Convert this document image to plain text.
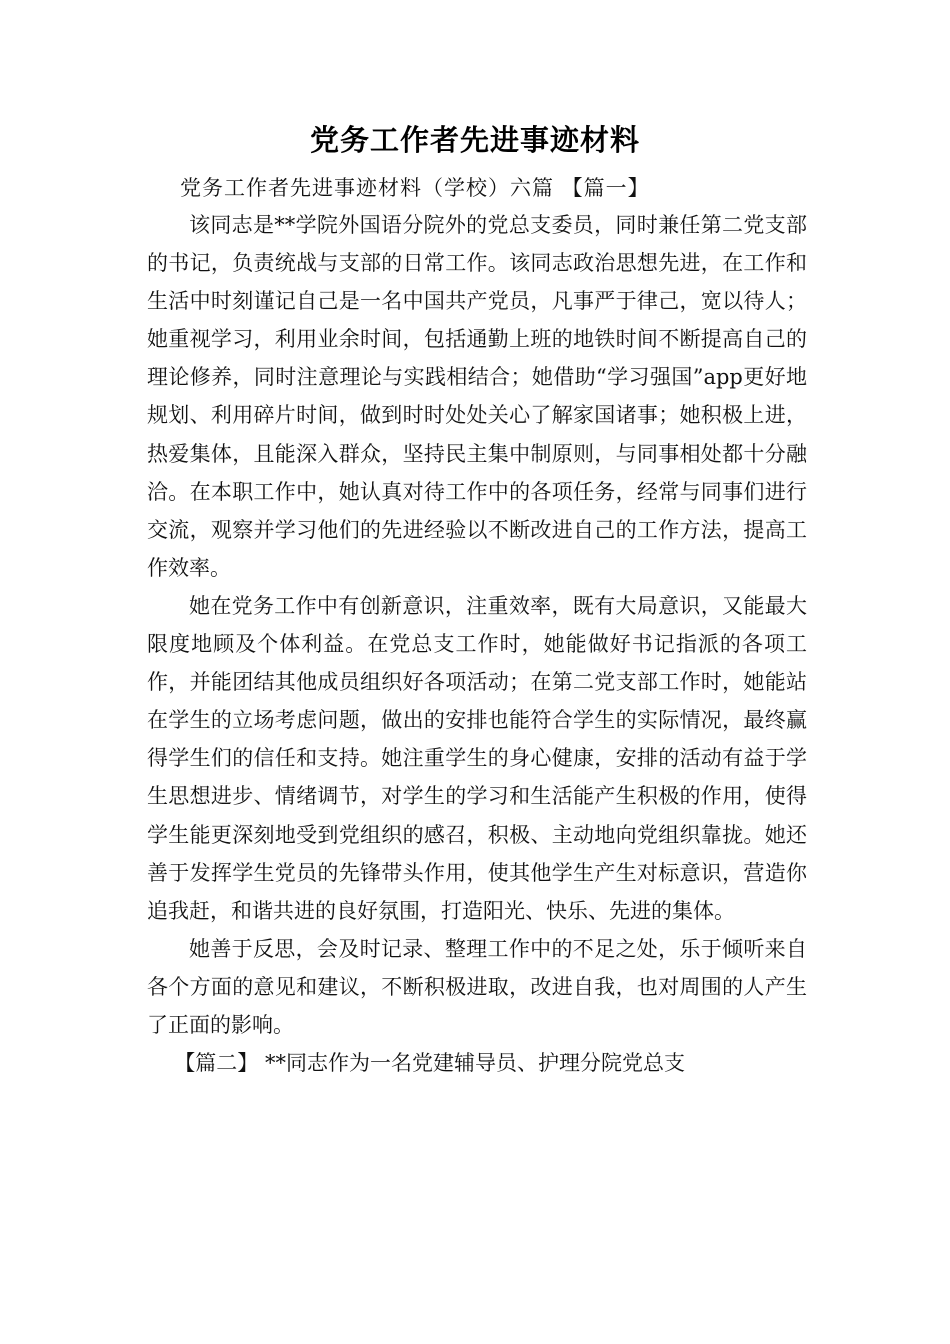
党务工作者先进事迹材料
党务工作者先进事迹材料（学校）六篇 【篇一】

该同志是**学院外国语分院外的党总支委员，同时兼任第二党支部的书记，负责统战与支部的日常工作。该同志政治思想先进，在工作和生活中时刻谨记自己是一名中国共产党员，凡事严于律己，宽以待人；她重视学习，利用业余时间，包括通勤上班的地铁时间不断提高自己的理论修养，同时注意理论与实践相结合；她借助“学习强国”app更好地规划、利用碎片时间，做到时时处处关心了解家国诸事；她积极上进，热爱集体，且能深入群众，坚持民主集中制原则，与同事相处都十分融洽。在本职工作中，她认真对待工作中的各项任务，经常与同事们进行交流，观察并学习他们的先进经验以不断改进自己的工作方法，提高工作效率。

她在党务工作中有创新意识，注重效率，既有大局意识，又能最大限度地顾及个体利益。在党总支工作时，她能做好书记指派的各项工作，并能团结其他成员组织好各项活动；在第二党支部工作时，她能站在学生的立场考虑问题，做出的安排也能符合学生的实际情况，最终赢得学生们的信任和支持。她注重学生的身心健康，安排的活动有益于学生思想进步、情绪调节，对学生的学习和生活能产生积极的作用，使得学生能更深刻地受到党组织的感召，积极、主动地向党组织靠拢。她还善于发挥学生党员的先锋带头作用，使其他学生产生对标意识，营造你追我赶，和谐共进的良好氛围，打造阳光、快乐、先进的集体。

她善于反思，会及时记录、整理工作中的不足之处，乐于倾听来自各个方面的意见和建议，不断积极进取，改进自我，也对周围的人产生了正面的影响。

【篇二】 **同志作为一名党建辅导员、护理分院党总支
